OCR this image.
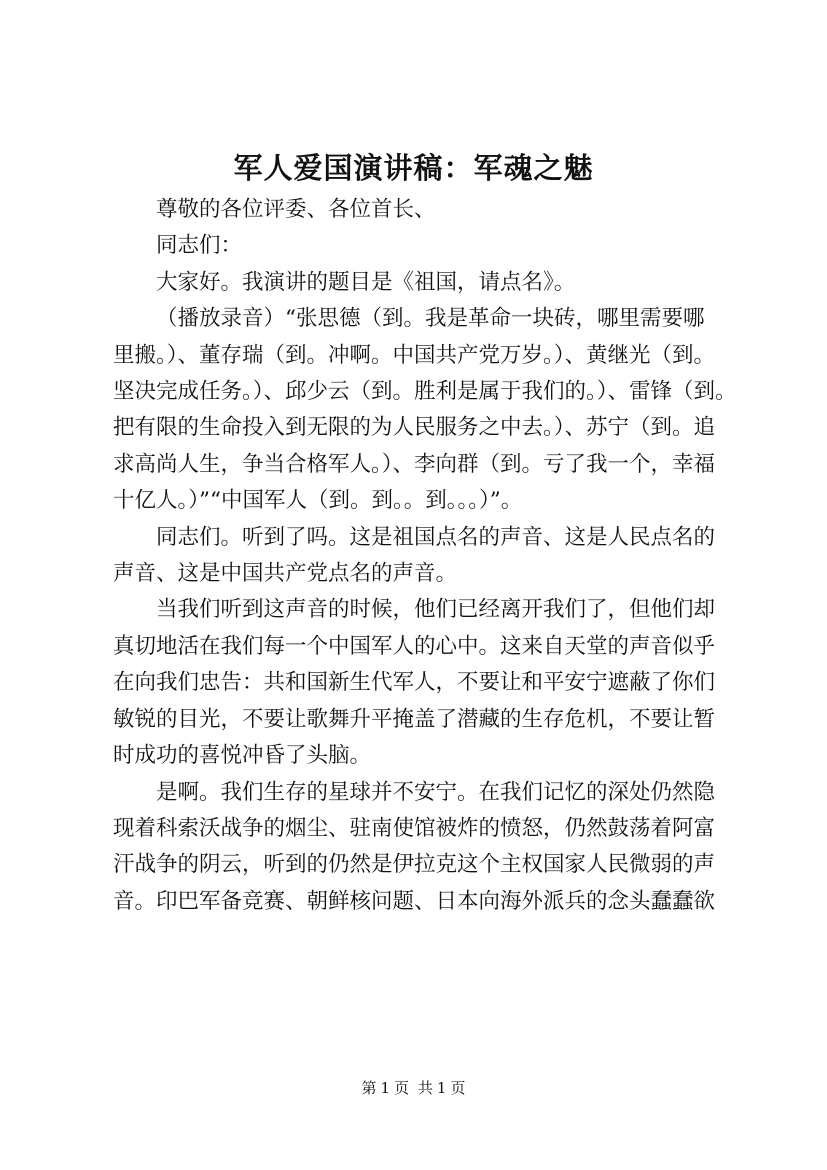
军人爱国演讲稿：军魂之魅

尊敬的各位评委、各位首长、

同志们：

大家好。我演讲的题目是《祖国，请点名》。

（播放录音）“张思德（到。我是革命一块砖，哪里需要哪
里搬。）、董存瑞（到。冲啊。中国共产党万岁。）、黄继光（到。
坚决完成任务。）、邱少云（到。胜利是属于我们的。）、雷锋（到。
把有限的生命投入到无限的为人民服务之中去。）、苏宁（到。追
求高尚人生，争当合格军人。）、李向群（到。亏了我一个，幸福
十亿人。）”“中国军人（到。到。。到。。。）”。

同志们。听到了吗。这是祖国点名的声音、这是人民点名的
声音、这是中国共产党点名的声音。

当我们听到这声音的时候，他们已经离开我们了，但他们却
真切地活在我们每一个中国军人的心中。这来自天堂的声音似乎
在向我们忠告：共和国新生代军人，不要让和平安宁遮蔽了你们
敏锐的目光，不要让歌舞升平掩盖了潜藏的生存危机，不要让暂
时成功的喜悦冲昏了头脑。

是啊。我们生存的星球并不安宁。在我们记忆的深处仍然隐
现着科索沃战争的烟尘、驻南使馆被炸的愤怒，仍然鼓荡着阿富
汗战争的阴云，听到的仍然是伊拉克这个主权国家人民微弱的声
音。印巴军备竞赛、朝鲜核问题、日本向海外派兵的念头蠢蠢欲

第 1 页 共 1 页
